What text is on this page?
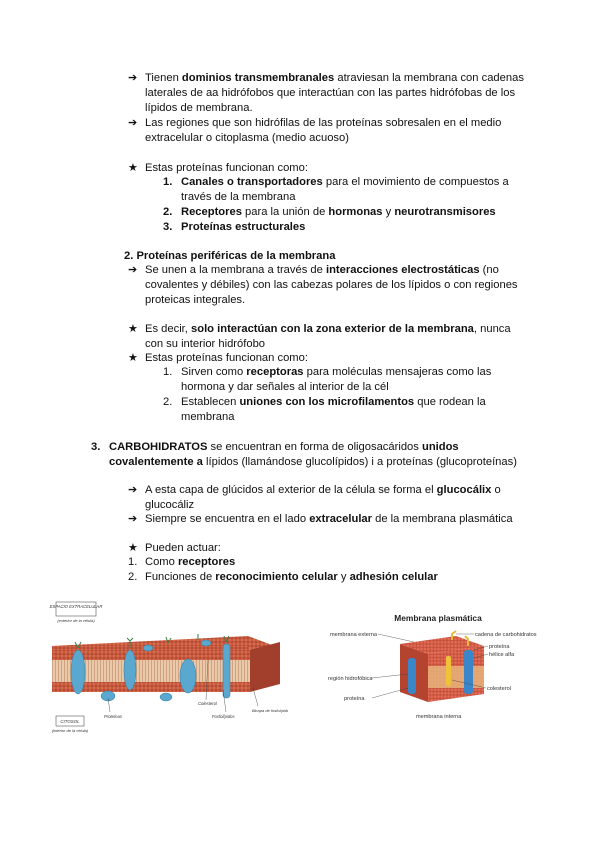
➔ Tienen dominios transmembranales atraviesan la membrana con cadenas
laterales de aa hidrófobos que interactúan con las partes hidrófobas de los
lípidos de membrana.
➔ Las regiones que son hidrófilas de las proteínas sobresalen en el medio
extracelular o citoplasma (medio acuoso)
★ Estas proteínas funcionan como:
1. Canales o transportadores para el movimiento de compuestos a
través de la membrana
2. Receptores para la unión de hormonas y neurotransmisores
3. Proteínas estructurales
2. Proteínas periféricas de la membrana
➔ Se unen a la membrana a través de interacciones electrostáticas (no
covalentes y débiles) con las cabezas polares de los lípidos o con regiones
proteicas integrales.
★ Es decir, solo interactúan con la zona exterior de la membrana, nunca
con su interior hidrófobo
★ Estas proteínas funcionan como:
1. Sirven como receptoras para moléculas mensajeras como las
hormona y dar señales al interior de la cél
2. Establecen uniones con los microfilamentos que rodean la
membrana
3. CARBOHIDRATOS se encuentran en forma de oligosacáridos unidos
covalentemente a lípidos (llamándose glucolípidos) i a proteínas (glucoproteínas)
➔ A esta capa de glúcidos al exterior de la célula se forma el glucocálix o
glucocáliz
➔ Siempre se encuentra en el lado extracelular de la membrana plasmática
★ Pueden actuar:
1. Como receptores
2. Funciones de reconocimiento celular y adhesión celular
ESPACIO EXTRACELULAR
(exterior de la célula)
CITOSOL
(interior de la célula)
Proteínas
Colesterol
Fosfolípidos
Bicapa de fosfolípidos
Membrana plasmática
membrana externa	cadena de carbohidratos
proteína
hélice alfa
región hidrofóbica
colesterol
proteína
membrana interna
